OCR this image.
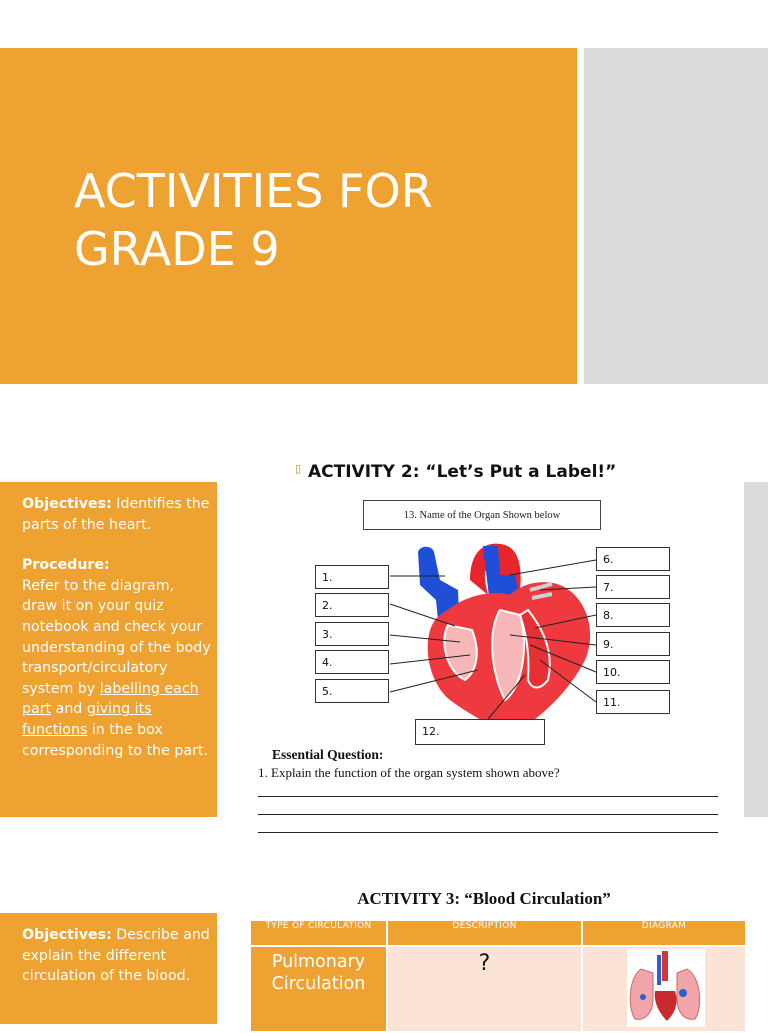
ACTIVITIES FOR
GRADE 9
Objectives: Identifies the parts of the heart.
Procedure:
Refer to the diagram, draw it on your quiz notebook and check your understanding of the body transport/circulatory system by labelling each part and giving its functions in the box corresponding to the part.
▯ ACTIVITY 2: “Let’s Put a Label!”
13. Name of the Organ Shown below
1.
2.
3.
4.
5.
6.
7.
8.
9.
10.
11.
12.
Essential Question:
1. Explain the function of the organ system shown above?
ACTIVITY 3: “Blood Circulation”
Objectives: Describe and explain the different circulation of the blood.
TYPE OF CIRCULATION	DESCRIPTION	DIAGRAM
Pulmonary Circulation	?	
